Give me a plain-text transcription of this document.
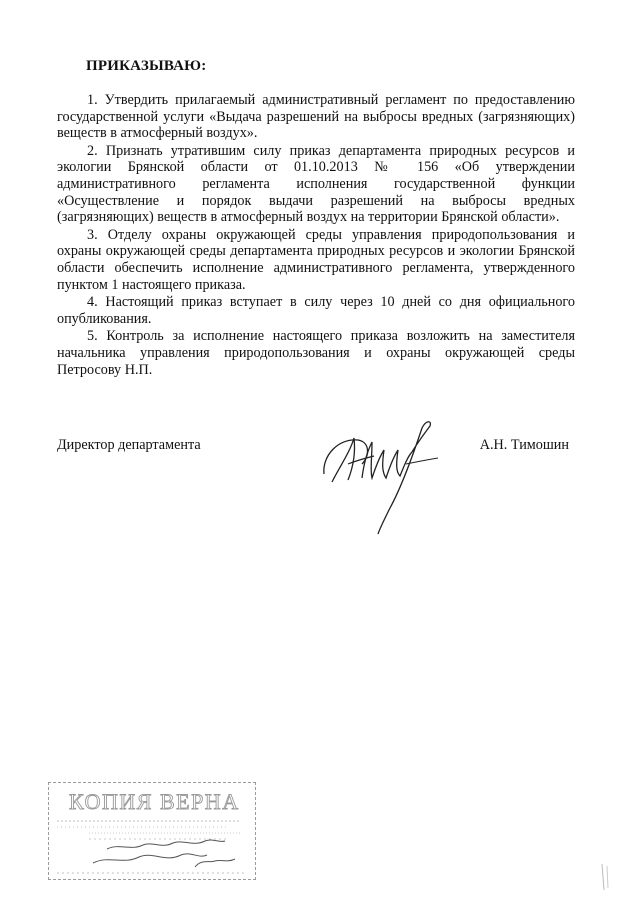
ПРИКАЗЫВАЮ:

1. Утвердить прилагаемый административный регламент по предоставлению государственной услуги «Выдача разрешений на выбросы вредных (загрязняющих) веществ в атмосферный воздух».

2. Признать утратившим силу приказ департамента природных ресурсов и экологии Брянской области от 01.10.2013 № 156 «Об утверждении административного регламента исполнения государственной функции «Осуществление и порядок выдачи разрешений на выбросы вредных (загрязняющих) веществ в атмосферный воздух на территории Брянской области».

3. Отделу охраны окружающей среды управления природопользования и охраны окружающей среды департамента природных ресурсов и экологии Брянской области обеспечить исполнение административного регламента, утвержденного пунктом 1 настоящего приказа.

4. Настоящий приказ вступает в силу через 10 дней со дня официального опубликования.

5. Контроль за исполнение настоящего приказа возложить на заместителя начальника управления природопользования и охраны окружающей среды Петросову Н.П.

Директор департамента	А.Н. Тимошин
КОПИЯ ВЕРНА
